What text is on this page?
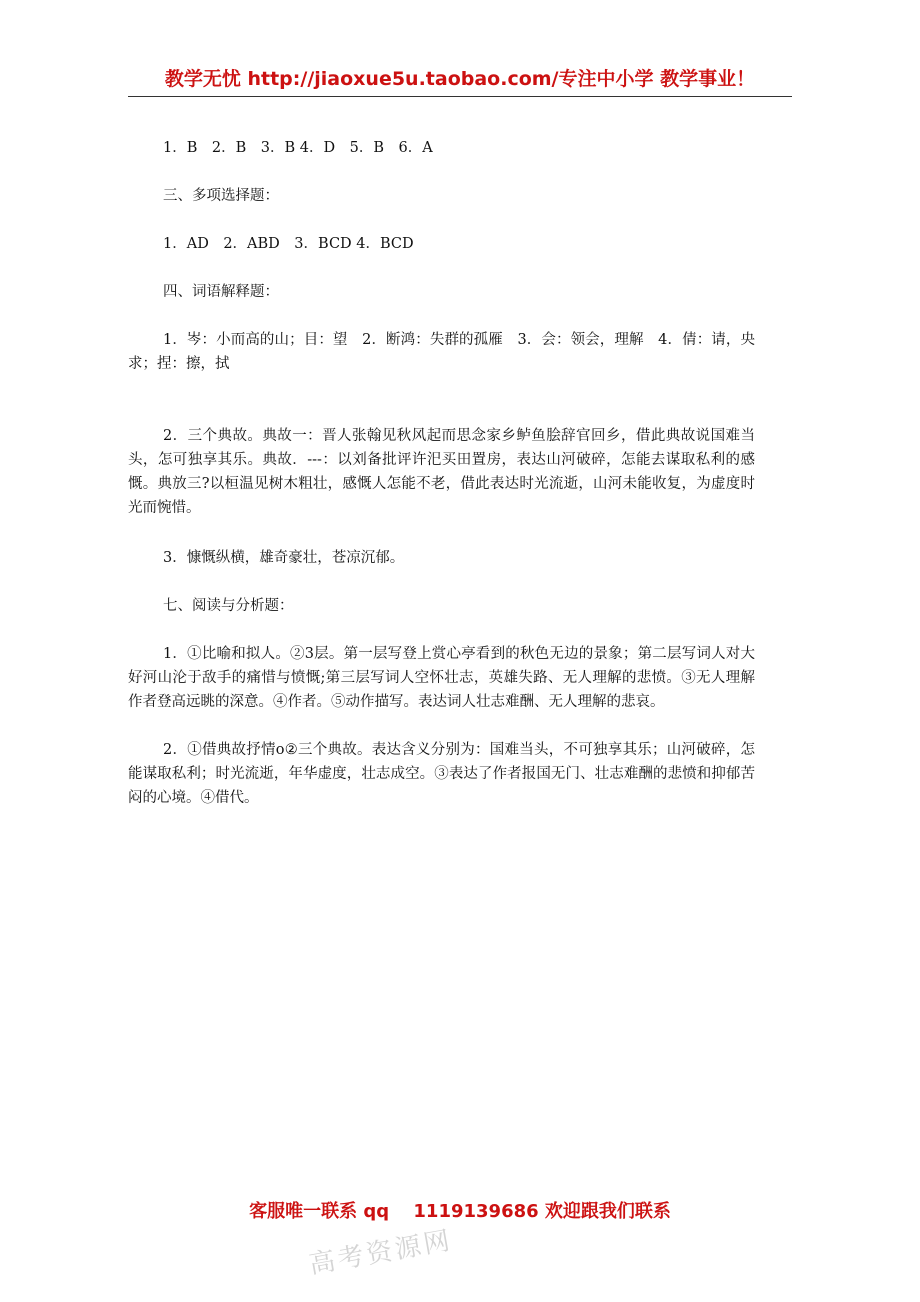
教学无忧 http://jiaoxue5u.taobao.com/专注中小学 教学事业！
1．B　2．B　3．B 4．D　5．B　6．A
三、多项选择题：
1．AD　2．ABD　3．BCD 4．BCD
四、词语解释题：
1．岑：小而高的山；目：望　2．断鸿：失群的孤雁　3．会：领会，理解　4．倩：请，央求；捏：擦，拭
2．三个典故。典故一：晋人张翰见秋风起而思念家乡鲈鱼脍辞官回乡，借此典故说国难当头，怎可独享其乐。典故．---：以刘备批评许汜买田置房，表达山河破碎，怎能去谋取私利的感慨。典放三?以桓温见树木粗壮，感慨人怎能不老，借此表达时光流逝，山河未能收复，为虚度时光而惋惜。
3．慷慨纵横，雄奇豪壮，苍凉沉郁。
七、阅读与分析题：
1．①比喻和拟人。②3层。第一层写登上赏心亭看到的秋色无边的景象；第二层写词人对大好河山沦于敌手的痛惜与愤慨;第三层写词人空怀壮志，英雄失路、无人理解的悲愤。③无人理解作者登高远眺的深意。④作者。⑤动作描写。表达词人壮志难酬、无人理解的悲哀。
2．①借典故抒情o②三个典故。表达含义分别为：国难当头，不可独享其乐；山河破碎，怎能谋取私利；时光流逝，年华虚度，壮志成空。③表达了作者报国无门、壮志难酬的悲愤和抑郁苦闷的心境。④借代。
客服唯一联系 qq　 1119139686 欢迎跟我们联系
高考资源网
